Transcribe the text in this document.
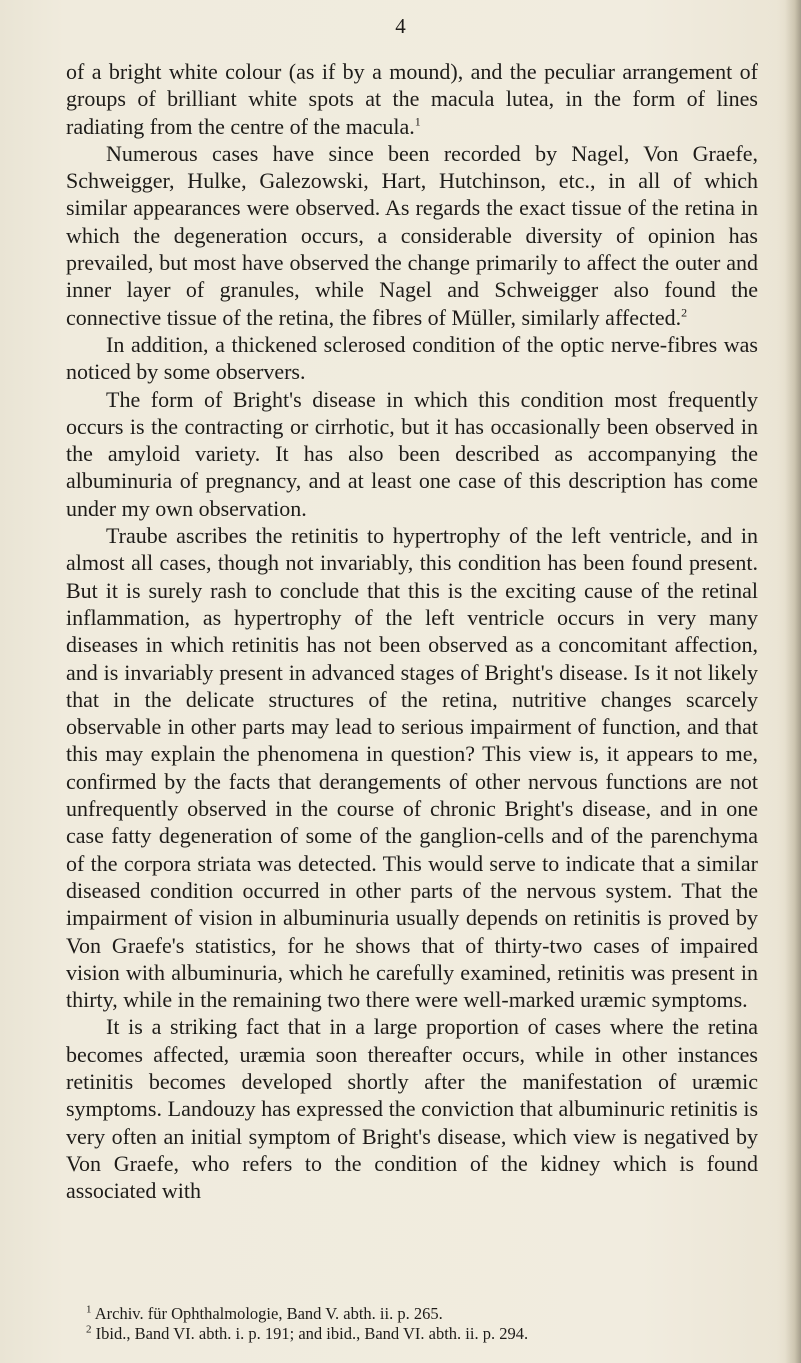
4

of a bright white colour (as if by a mound), and the peculiar arrangement of groups of brilliant white spots at the macula lutea, in the form of lines radiating from the centre of the macula.$^1$

Numerous cases have since been recorded by Nagel, Von Graefe, Schweigger, Hulke, Galezowski, Hart, Hutchinson, etc., in all of which similar appearances were observed. As regards the exact tissue of the retina in which the degeneration occurs, a considerable diversity of opinion has prevailed, but most have observed the change primarily to affect the outer and inner layer of granules, while Nagel and Schweigger also found the connective tissue of the retina, the fibres of Müller, similarly affected.$^2$

In addition, a thickened sclerosed condition of the optic nerve-fibres was noticed by some observers.

The form of Bright's disease in which this condition most frequently occurs is the contracting or cirrhotic, but it has occasionally been observed in the amyloid variety. It has also been described as accompanying the albuminuria of pregnancy, and at least one case of this description has come under my own observation.

Traube ascribes the retinitis to hypertrophy of the left ventricle, and in almost all cases, though not invariably, this condition has been found present. But it is surely rash to conclude that this is the exciting cause of the retinal inflammation, as hypertrophy of the left ventricle occurs in very many diseases in which retinitis has not been observed as a concomitant affection, and is invariably present in advanced stages of Bright's disease. Is it not likely that in the delicate structures of the retina, nutritive changes scarcely observable in other parts may lead to serious impairment of function, and that this may explain the phenomena in question? This view is, it appears to me, confirmed by the facts that derangements of other nervous functions are not unfrequently observed in the course of chronic Bright's disease, and in one case fatty degeneration of some of the ganglion-cells and of the parenchyma of the corpora striata was detected. This would serve to indicate that a similar diseased condition occurred in other parts of the nervous system. That the impairment of vision in albuminuria usually depends on retinitis is proved by Von Graefe's statistics, for he shows that of thirty-two cases of impaired vision with albuminuria, which he carefully examined, retinitis was present in thirty, while in the remaining two there were well-marked uræmic symptoms.

It is a striking fact that in a large proportion of cases where the retina becomes affected, uræmia soon thereafter occurs, while in other instances retinitis becomes developed shortly after the manifestation of uræmic symptoms. Landouzy has expressed the conviction that albuminuric retinitis is very often an initial symptom of Bright's disease, which view is negatived by Von Graefe, who refers to the condition of the kidney which is found associated with

$^1$ Archiv. für Ophthalmologie, Band V. abth. ii. p. 265.

$^2$ Ibid., Band VI. abth. i. p. 191; and ibid., Band VI. abth. ii. p. 294.
